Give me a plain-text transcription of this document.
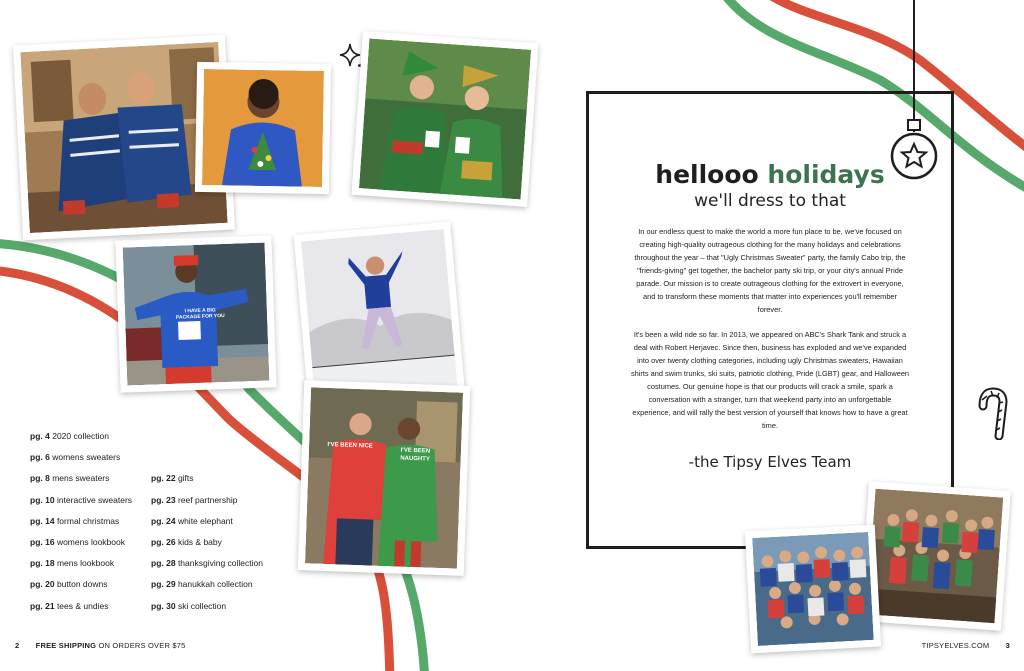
I HAVE A BIG PACKAGE FOR YOU
I'VE BEEN NICE
I'VE BEEN NAUGHTY
pg. 4 2020 collection
pg. 6 womens sweaters
pg. 8 mens sweaters
pg. 10 interactive sweaters
pg. 14 formal christmas
pg. 16 womens lookbook
pg. 18 mens lookbook
pg. 20 button downs
pg. 21 tees & undies
pg. 22 gifts
pg. 23 reef partnership
pg. 24 white elephant
pg. 26 kids & baby
pg. 28 thanksgiving collection
pg. 29 hanukkah collection
pg. 30 ski collection
2 FREE SHIPPING ON ORDERS OVER $75
hellooo holidays
we'll dress to that

In our endless quest to make the world a more fun place to be, we've focused on creating high-quality outrageous clothing for the many holidays and celebrations throughout the year – that "Ugly Christmas Sweater" party, the family Cabo trip, the "friends-giving" get together, the bachelor party ski trip, or your city's annual Pride parade. Our mission is to create outrageous clothing for the extrovert in everyone, and to transform these moments that matter into experiences you'll remember forever.

It's been a wild ride so far. In 2013, we appeared on ABC's Shark Tank and struck a deal with Robert Herjavec. Since then, business has exploded and we've expanded into over twenty clothing categories, including ugly Christmas sweaters, Hawaiian shirts and swim trunks, ski suits, patriotic clothing, Pride (LGBT) gear, and Halloween costumes. Our genuine hope is that our products will crack a smile, spark a conversation with a stranger, turn that weekend party into an unforgettable experience, and will rally the best version of yourself that knows how to have a great time.

-the Tipsy Elves Team
TIPSYELVES.COM 3
